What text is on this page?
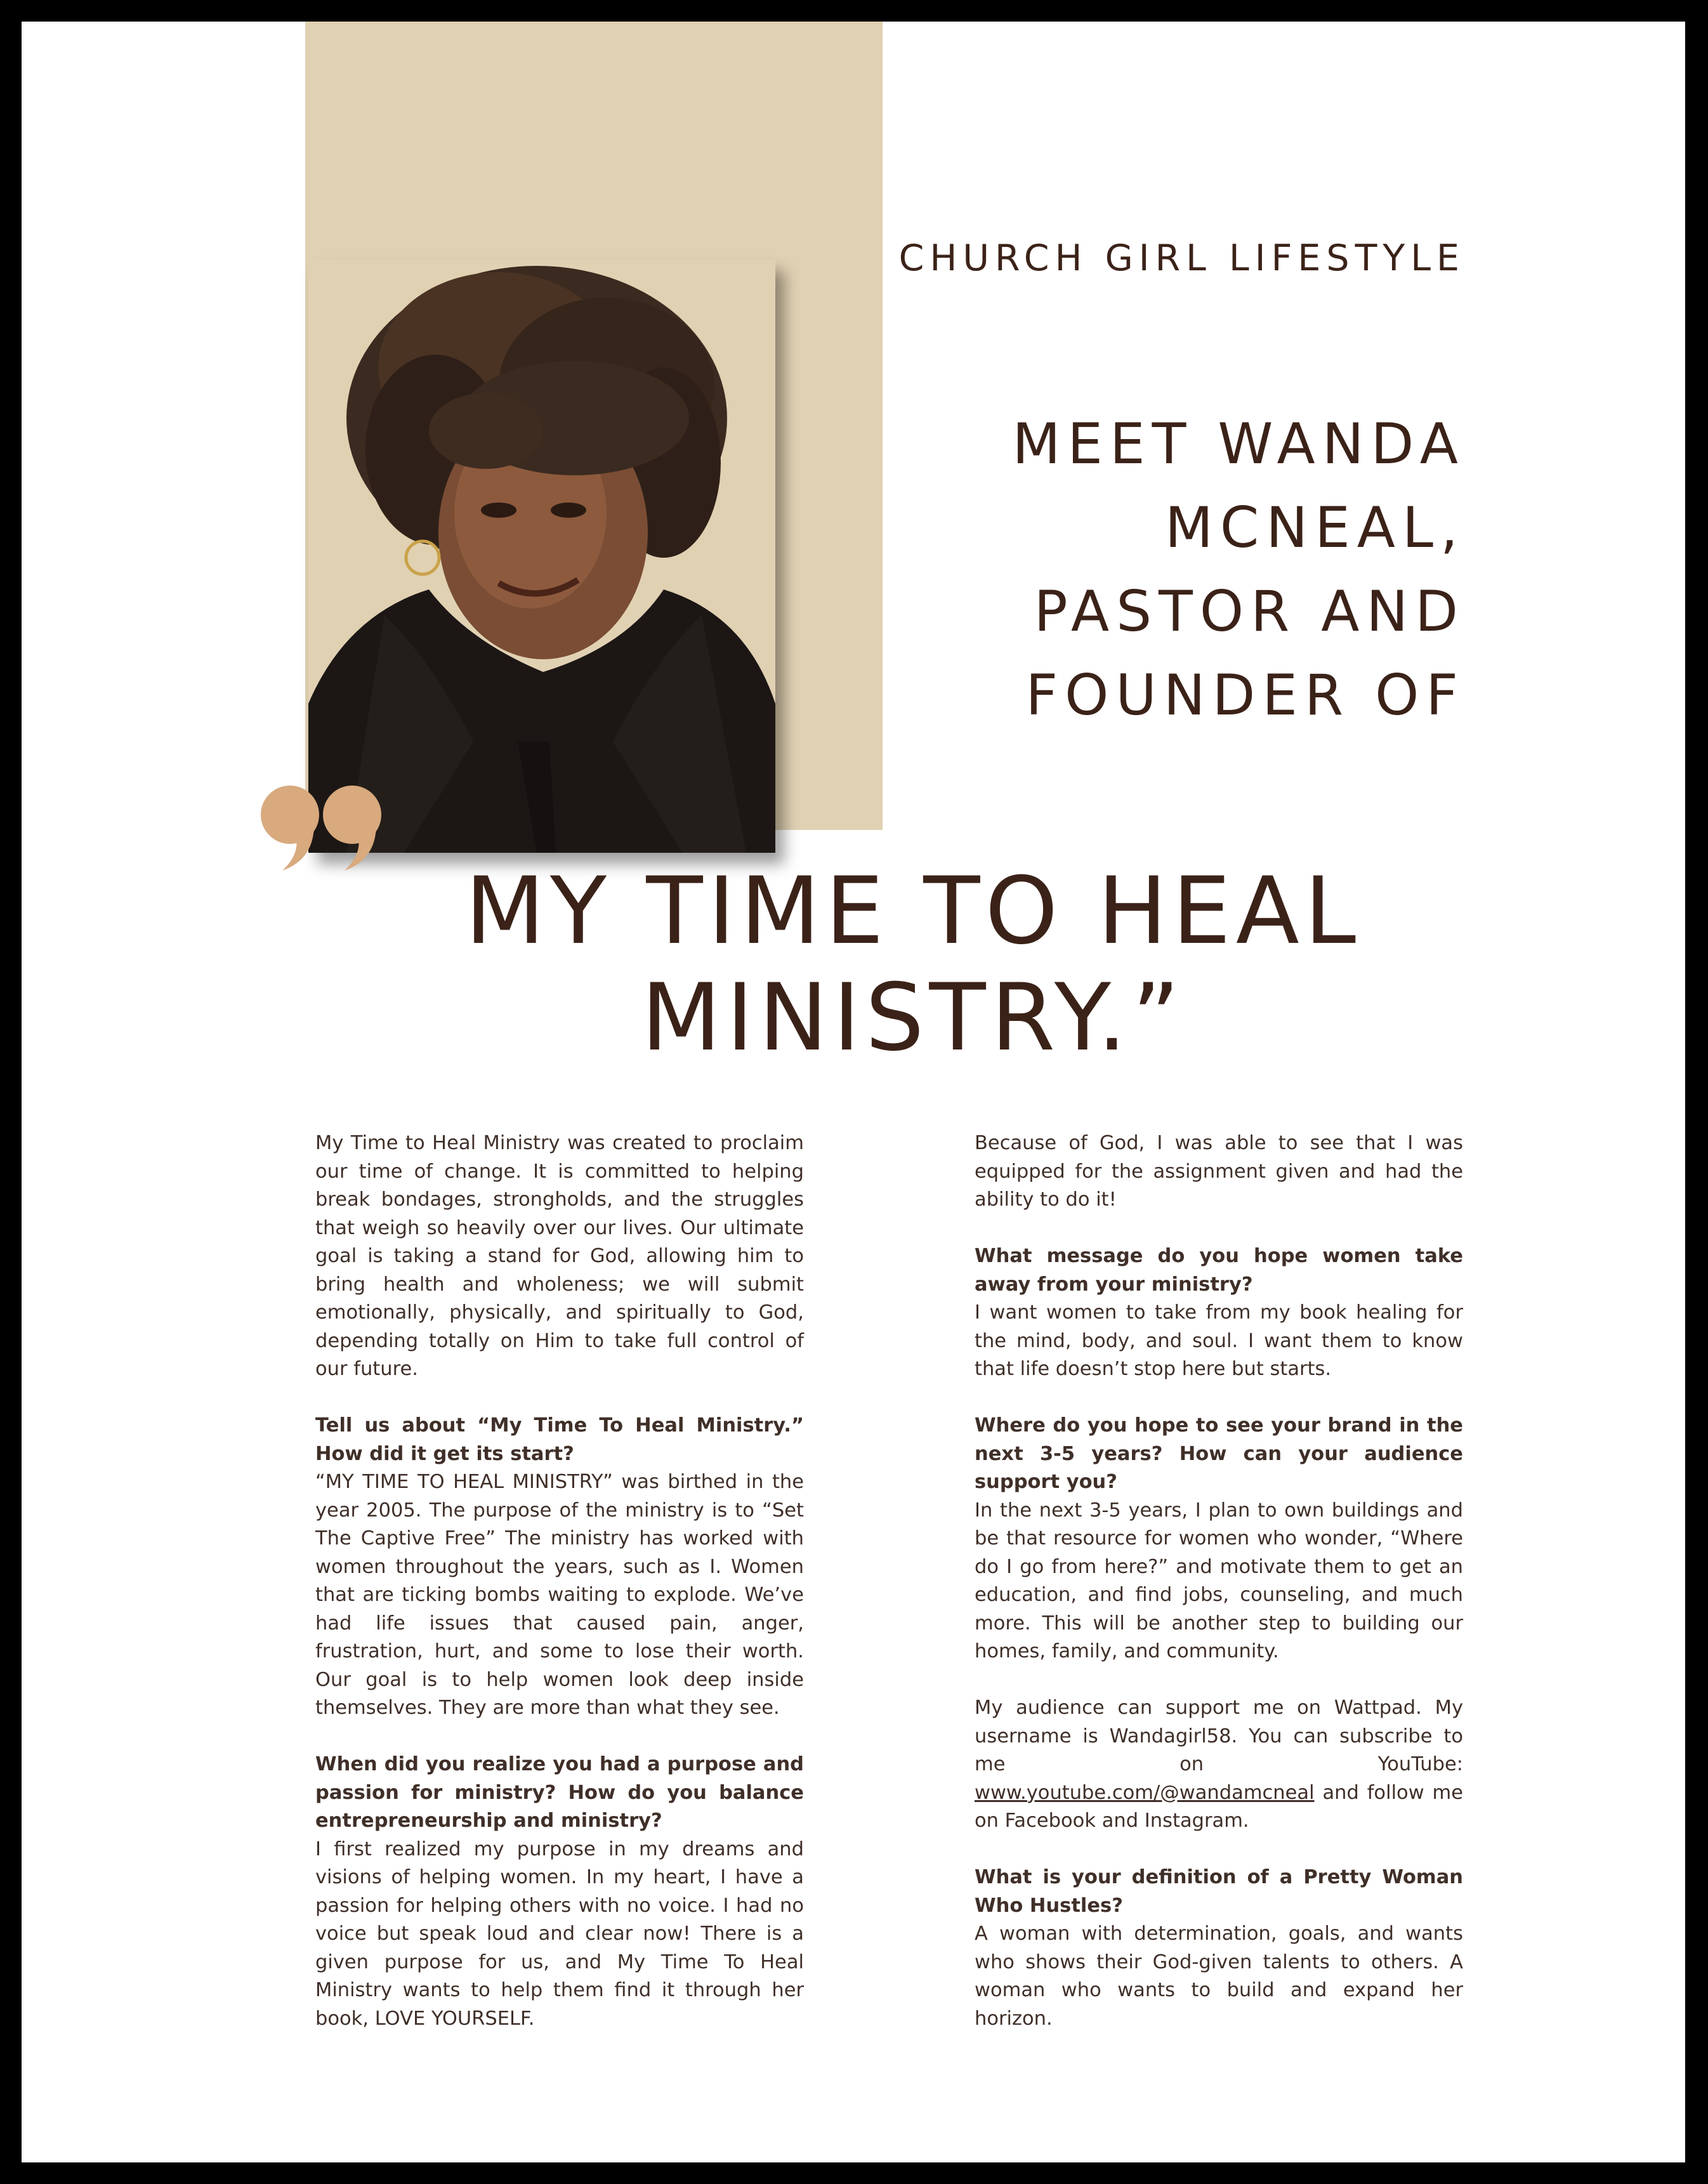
CHURCH GIRL LIFESTYLE
MEET WANDA
MCNEAL,
PASTOR AND
FOUNDER OF
MY TIME TO HEAL
MINISTRY.”

My Time to Heal Ministry was created to proclaim our time of change. It is committed to helping break bondages, strongholds, and the struggles that weigh so heavily over our lives. Our ultimate goal is taking a stand for God, allowing him to bring health and wholeness; we will submit emotionally, physically, and spiritually to God, depending totally on Him to take full control of our future.

Tell us about “My Time To Heal Ministry.” How did it get its start?
“MY TIME TO HEAL MINISTRY” was birthed in the year 2005. The purpose of the ministry is to “Set The Captive Free” The ministry has worked with women throughout the years, such as I. Women that are ticking bombs waiting to explode. We’ve had life issues that caused pain, anger, frustration, hurt, and some to lose their worth. Our goal is to help women look deep inside themselves. They are more than what they see.

When did you realize you had a purpose and passion for ministry? How do you balance entrepreneurship and ministry?
I first realized my purpose in my dreams and visions of helping women. In my heart, I have a passion for helping others with no voice. I had no voice but speak loud and clear now! There is a given purpose for us, and My Time To Heal Ministry wants to help them find it through her book, LOVE YOURSELF.

Because of God, I was able to see that I was equipped for the assignment given and had the ability to do it!

What message do you hope women take away from your ministry?
I want women to take from my book healing for the mind, body, and soul. I want them to know that life doesn’t stop here but starts.

Where do you hope to see your brand in the next 3-5 years? How can your audience support you?
In the next 3-5 years, I plan to own buildings and be that resource for women who wonder, “Where do I go from here?” and motivate them to get an education, and find jobs, counseling, and much more. This will be another step to building our homes, family, and community.

My audience can support me on Wattpad. My username is Wandagirl58. You can subscribe to me on YouTube: www.youtube.com/@wandamcneal and follow me on Facebook and Instagram.

What is your definition of a Pretty Woman Who Hustles?
A woman with determination, goals, and wants who shows their God-given talents to others. A woman who wants to build and expand her horizon.
